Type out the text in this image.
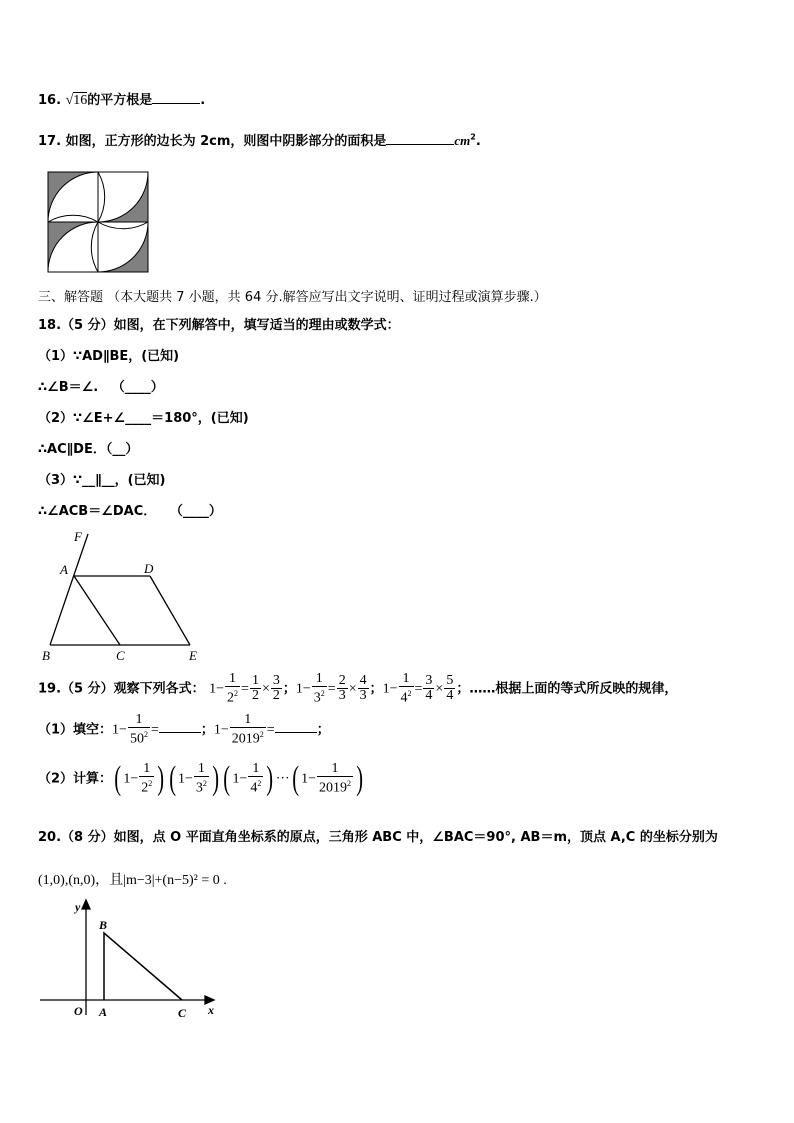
16. √16的平方根是	.
17. 如图，正方形的边长为 2cm，则图中阴影部分的面积是	$cm^2$.
三、解答题 （本大题共 7 小题，共 64 分.解答应写出文字说明、证明过程或演算步骤.）
18.（5 分）如图，在下列解答中，填写适当的理由或数学式：
（1）∵AD∥BE，(已知)
∴∠B＝∠. （____）
（2）∵∠E+∠____＝180°，(已知)
∴AC∥DE．（__）
（3）∵__∥__，(已知)
∴∠ACB＝∠DAC． （____）
F
A	D
B	C	E
19.（5 分）观察下列各式： $1- \frac{1}{2^2} = \frac{1}{2} \times \frac{3}{2}$ ；$1- \frac{1}{3^2} = \frac{2}{3} \times \frac{4}{3}$ ；$1- \frac{1}{4^2} = \frac{3}{4} \times \frac{5}{4}$ ；……根据上面的等式所反映的规律，
（1）填空：$1- \frac{1}{50^2}$ =	；$1- \frac{1}{2019^2}$ =	；
（2）计算：( $1- \frac{1}{2^2}$ ) ( $1- \frac{1}{3^2}$ ) ( $1- \frac{1}{4^2}$ ) ···( $1- \frac{1}{2019^2}$ )
20.（8 分）如图，点 O 平面直角坐标系的原点，三角形 ABC 中，∠BAC＝90°, AB＝m，顶点 A,C 的坐标分别为
(1,0),(n,0)，且|m−3|+(n−5)² = 0 .
y
B
O A	C x
